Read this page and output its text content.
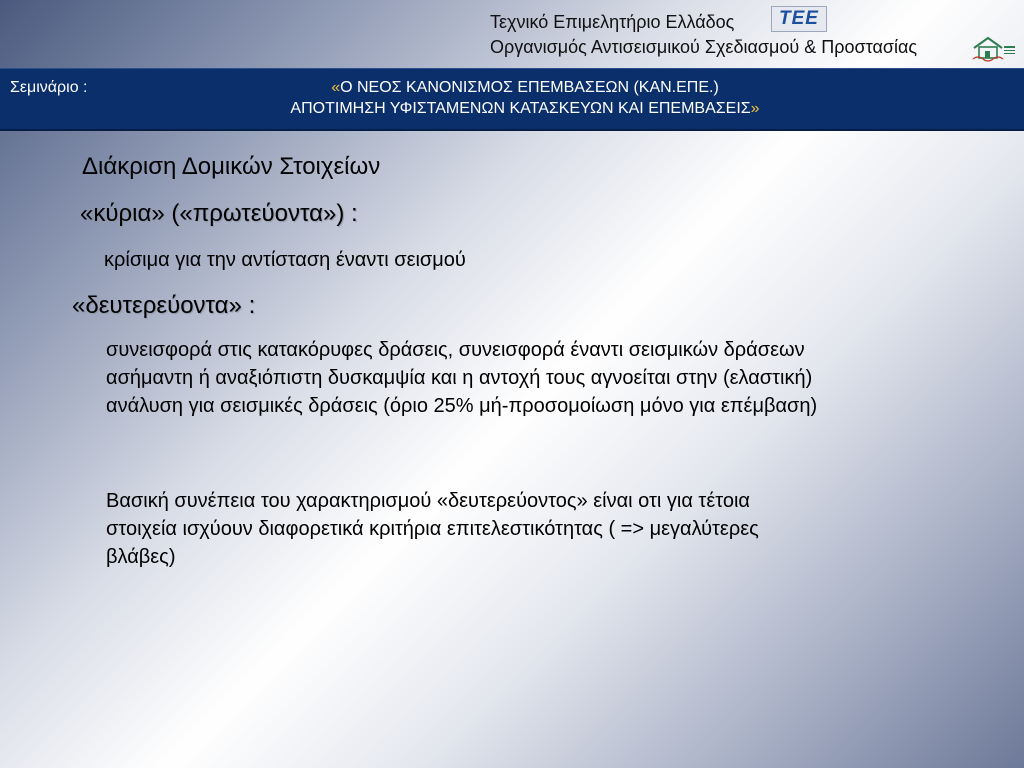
Τεχνικό Επιμελητήριο Ελλάδος	TEE
Οργανισμός Αντισεισμικού Σχεδιασμού & Προστασίας
Σεμινάριο :	«Ο ΝΕΟΣ ΚΑΝΟΝΙΣΜΟΣ ΕΠΕΜΒΑΣΕΩΝ (ΚΑΝ.ΕΠΕ.)
ΑΠΟΤΙΜΗΣΗ ΥΦΙΣΤΑΜΕΝΩΝ ΚΑΤΑΣΚΕΥΩΝ ΚΑΙ ΕΠΕΜΒΑΣΕΙΣ»
Διάκριση Δομικών Στοιχείων
«κύρια» («πρωτεύοντα») :
κρίσιμα για την αντίσταση έναντι σεισμού
«δευτερεύοντα» :
συνεισφορά στις κατακόρυφες δράσεις, συνεισφορά έναντι σεισμικών δράσεων
ασήμαντη ή αναξιόπιστη δυσκαμψία και η αντοχή τους αγνοείται στην (ελαστική)
ανάλυση για σεισμικές δράσεις (όριο 25% μή-προσομοίωση μόνο για επέμβαση)
Βασική συνέπεια του χαρακτηρισμού «δευτερεύοντος» είναι οτι για τέτοια
στοιχεία ισχύουν διαφορετικά κριτήρια επιτελεστικότητας ( => μεγαλύτερες
βλάβες)
